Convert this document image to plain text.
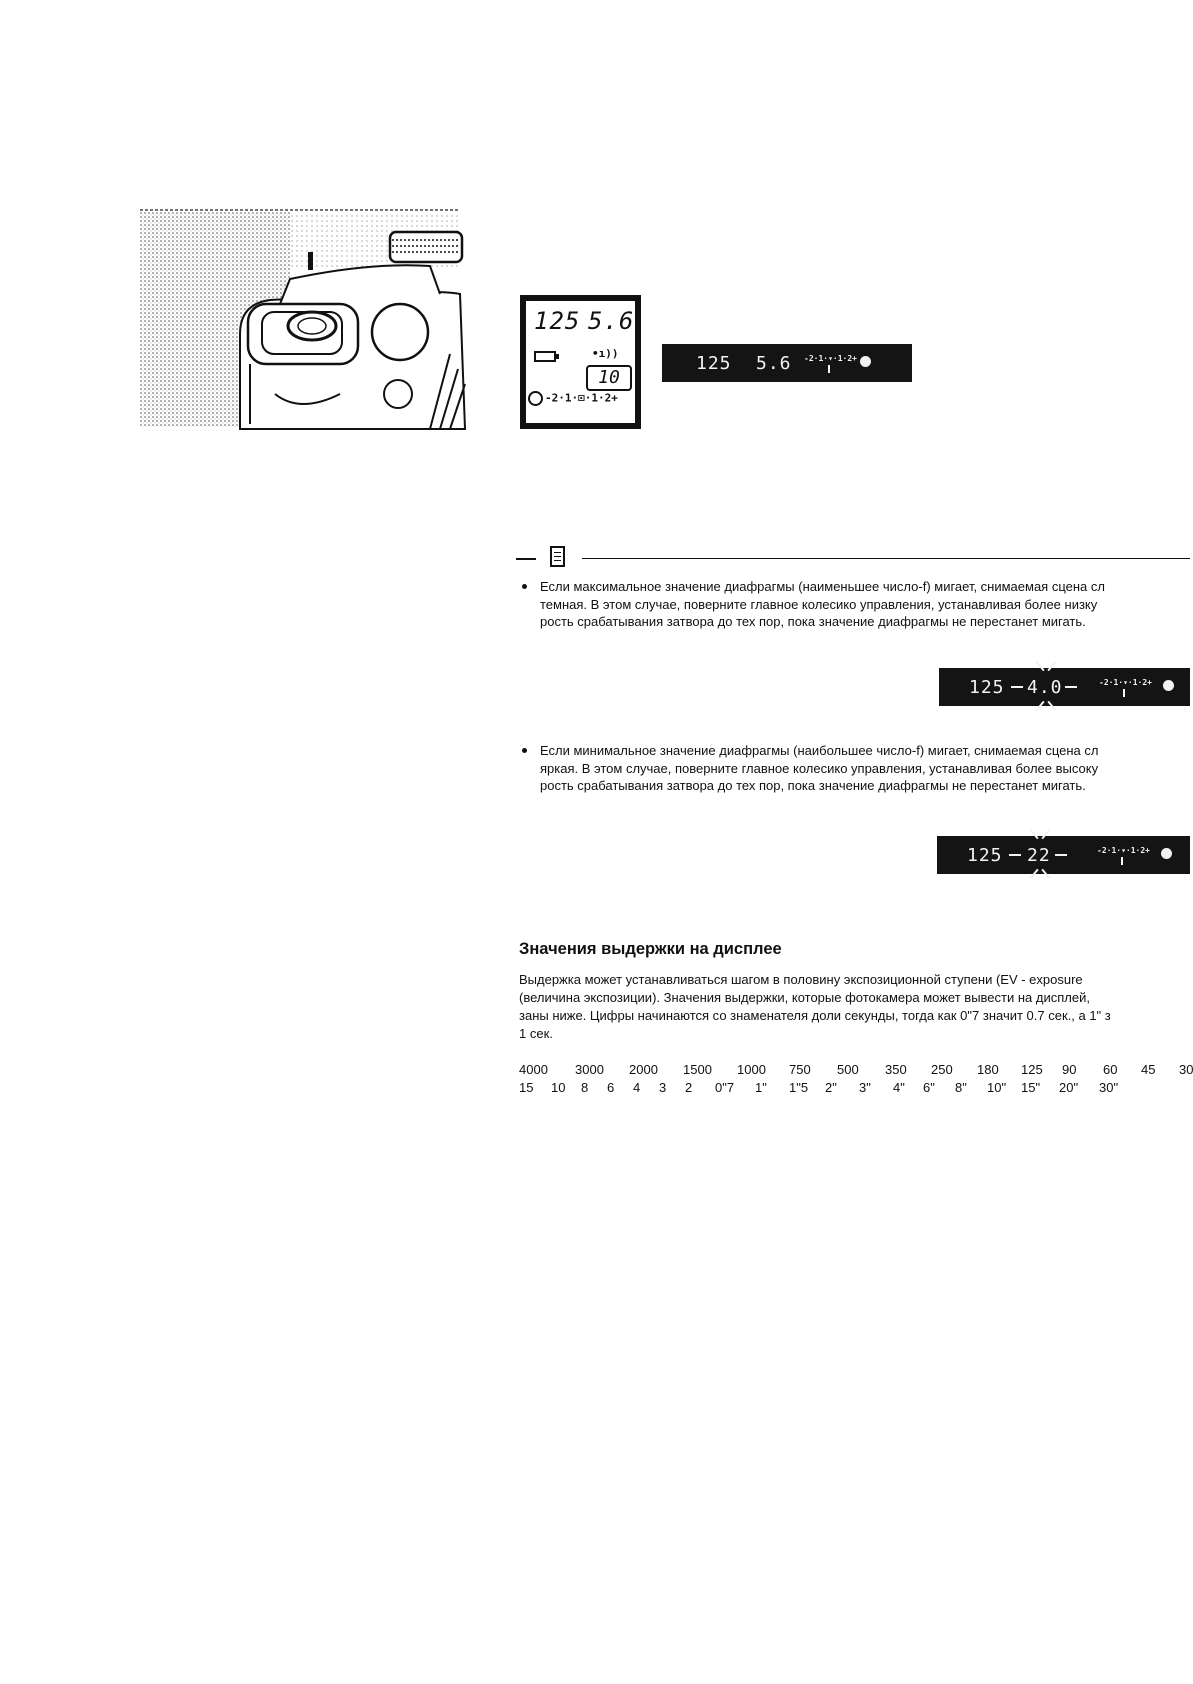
125 5.6
•ı))
10
-2·1·⊡·1·2+
125 5.6 -2·1·▾·1·2+
Если максимальное значение диафрагмы (наименьшее число-f) мигает, снимаемая сцена сл
темная. В этом случае, поверните главное колесико управления, устанавливая более низку
рость срабатывания затвора до тех пор, пока значение диафрагмы не перестанет мигать.
125 4.0	-2·1·▾·1·2+
Если минимальное значение диафрагмы (наибольшее число-f) мигает, снимаемая сцена сл
яркая. В этом случае, поверните главное колесико управления, устанавливая более высоку
рость срабатывания затвора до тех пор, пока значение диафрагмы не перестанет мигать.
125 22	-2·1·▾·1·2+
Значения выдержки на дисплее
Выдержка может устанавливаться шагом в половину экспозиционной ступени (EV - exposure
(величина экспозиции). Значения выдержки, которые фотокамера может вывести на дисплей,
заны ниже. Цифры начинаются со знаменателя доли секунды, тогда как 0"7 значит 0.7 сек., а 1" з
1 сек.
4000 3000 2000 1500 1000 750 500 350 250 180 125 90 60 45 30
15 10 8 6 4 3 2 0"7 1" 1"5 2" 3" 4" 6" 8" 10" 15" 20" 30"
